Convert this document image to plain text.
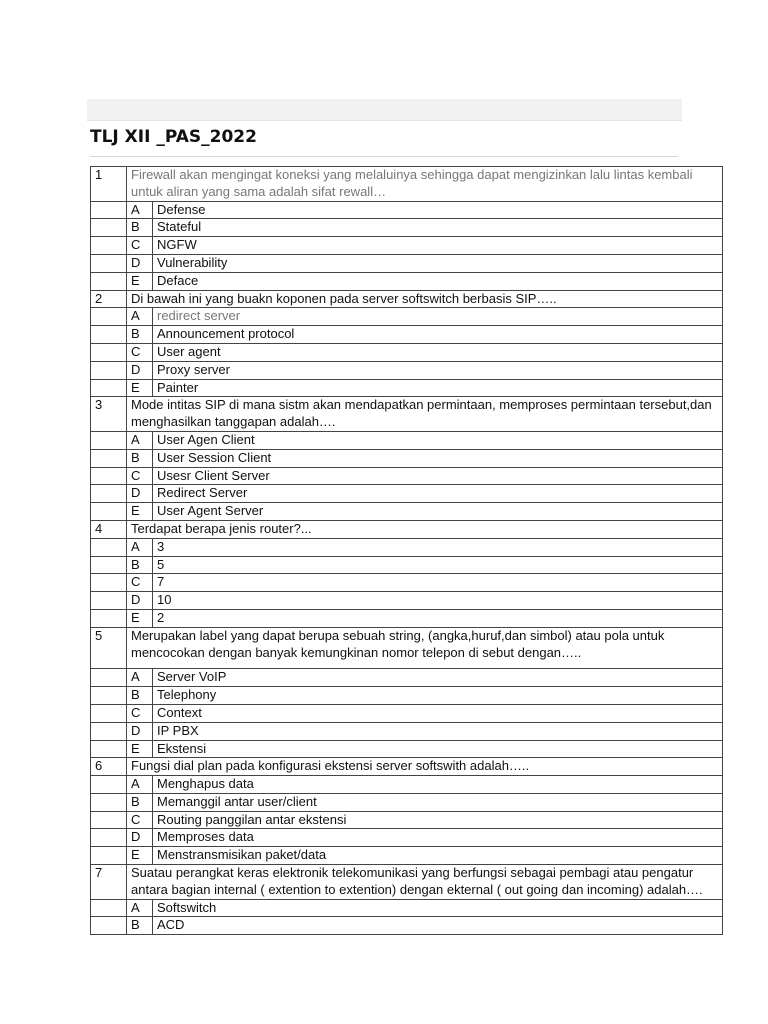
TLJ XII _PAS_2022
1	Firewall akan mengingat koneksi yang melaluinya sehingga dapat mengizinkan lalu lintas kembali untuk aliran yang sama adalah sifat rewall…	
	A	Defense
	B	Stateful
	C	NGFW
	D	Vulnerability
	E	Deface
2	Di bawah ini yang buakn koponen pada server softswitch berbasis SIP…..	
	A	redirect server
	B	Announcement protocol
	C	User agent
	D	Proxy server
	E	Painter
3	Mode intitas SIP di mana sistm akan mendapatkan permintaan, memproses permintaan tersebut,dan menghasilkan tanggapan adalah….	
	A	User Agen Client
	B	User Session Client
	C	Usesr Client Server
	D	Redirect Server
	E	User Agent Server
4	Terdapat berapa jenis router?...	
	A	3
	B	5
	C	7
	D	10
	E	2
5	Merupakan label yang dapat berupa sebuah string, (angka,huruf,dan simbol) atau pola untuk mencocokan dengan banyak kemungkinan nomor telepon di sebut dengan…..	
	A	Server VoIP
	B	Telephony
	C	Context
	D	IP PBX
	E	Ekstensi
6	Fungsi dial plan pada konfigurasi ekstensi server softswith adalah…..	
	A	Menghapus data
	B	Memanggil antar user/client
	C	Routing panggilan antar ekstensi
	D	Memproses data
	E	Menstransmisikan paket/data
7	Suatau perangkat keras elektronik telekomunikasi yang berfungsi sebagai pembagi atau pengatur antara bagian internal ( extention to extention) dengan ekternal ( out going dan incoming) adalah….	
	A	Softswitch
	B	ACD
